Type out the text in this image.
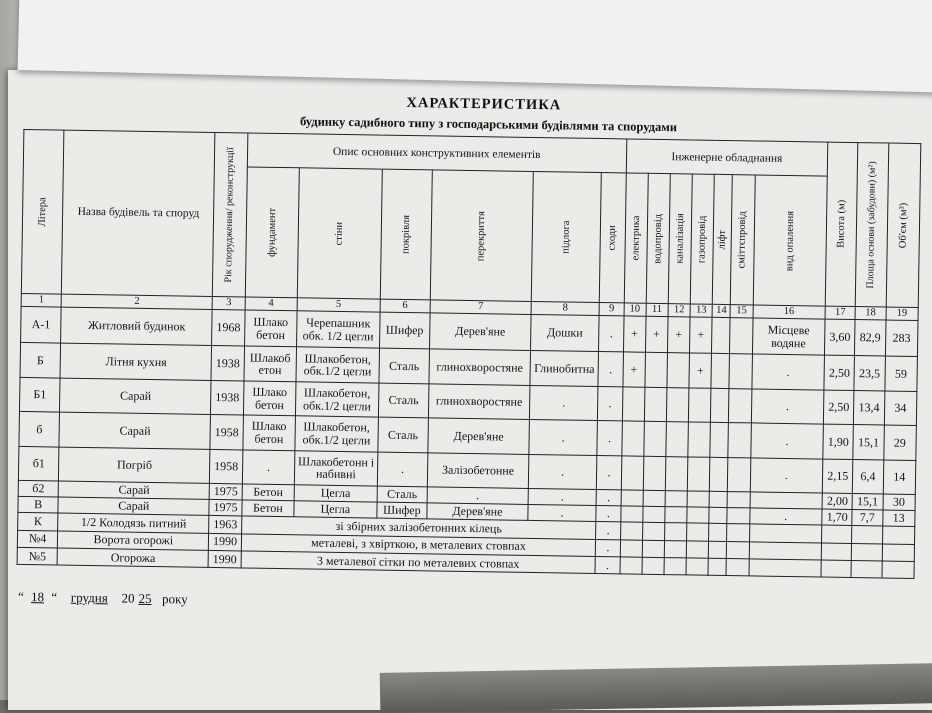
ХАРАКТЕРИСТИКА
будинку садибного типу з господарськими будівлями та спорудами
Літера	Назва будівель та споруд	Рік спорудження/ реконструкції	Опис основних конструктивних елементів						Інженерне обладнання							Висота (м)	Площа основи (забудови) (м²)	Об'єм (м³)

			фундамент	стіни	покрівля	перекриття	підлога	сходи	електрика	водопровід	каналізація	газопровід	ліфт	сміттєпровід	вид опалення			

1	2	3	4	5	6	7	8	9	10	11	12	13	14	15	16	17	18	19
А-1	Житловий будинок	1968	Шлако бетон	Черепашник обк. 1/2 цегли	Шифер	Дерев'яне	Дошки	.	+	+	+	+			Місцеве водяне	3,60	82,9	283
Б	Літня кухня	1938	Шлакоб етон	Шлакобетон, обк.1/2 цегли	Сталь	глинохворостяне	Глинобитна	.	+			+			.	2,50	23,5	59
Б1	Сарай	1938	Шлако бетон	Шлакобетон, обк.1/2 цегли	Сталь	глинохворостяне	.	.							.	2,50	13,4	34
б	Сарай	1958	Шлако бетон	Шлакобетон, обк.1/2 цегли	Сталь	Дерев'яне	.	.							.	1,90	15,1	29
б1	Погріб	1958	.	Шлакобетонн і набивні	.	Залізобетонне	.	.							.	2,15	6,4	14
б2	Сарай	1975	Бетон	Цегла	Сталь	.	.	.								2,00	15,1	30
В	Сарай	1975	Бетон	Цегла	Шифер	Дерев'яне	.	.							.	1,70	7,7	13
К	1/2 Колодязь питний	1963	зі збірних залізобетонних кілець					.										
№4	Ворота огорожі	1990	металеві, з хвірткою, в металевих стовпах					.										
№5	Огорожа	1990	3 металевої сітки по металевих стовпах					.										
“ 18 “ грудня 20 25 року
